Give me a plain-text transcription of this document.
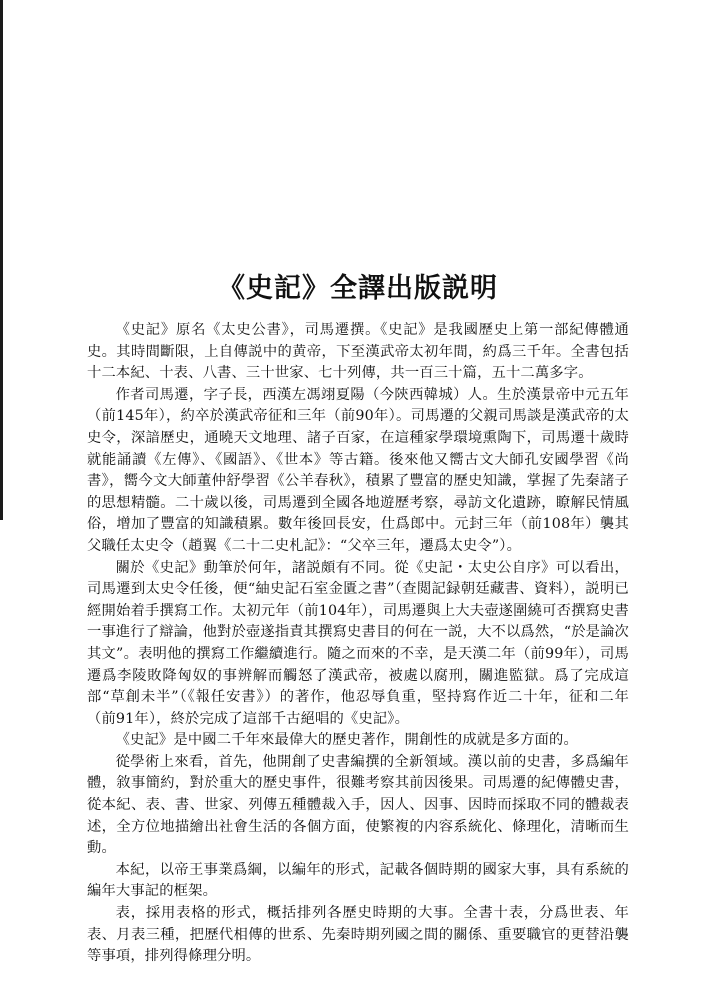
《史記》全譯出版説明

《史記》原名《太史公書》，司馬遷撰。《史記》是我國歷史上第一部紀傳體通史。其時間斷限，上自傳説中的黄帝，下至漢武帝太初年間，約爲三千年。全書包括十二本紀、十表、八書、三十世家、七十列傳，共一百三十篇，五十二萬多字。

作者司馬遷，字子長，西漢左馮翊夏陽（今陝西韓城）人。生於漢景帝中元五年（前145年），約卒於漢武帝征和三年（前90年）。司馬遷的父親司馬談是漢武帝的太史令，深諳歷史，通曉天文地理、諸子百家，在這種家學環境熏陶下，司馬遷十歲時就能誦讀《左傳》、《國語》、《世本》等古籍。後來他又嚮古文大師孔安國學習《尚書》，嚮今文大師董仲舒學習《公羊春秋》，積累了豐富的歷史知識，掌握了先秦諸子的思想精髓。二十歲以後，司馬遷到全國各地遊歷考察，尋訪文化遺跡，瞭解民情風俗，增加了豐富的知識積累。數年後回長安，仕爲郎中。元封三年（前108年）襲其父職任太史令（趙翼《二十二史札記》：“父卒三年，遷爲太史令”）。

關於《史記》動筆於何年，諸説頗有不同。從《史記・太史公自序》可以看出，司馬遷到太史令任後，便“紬史記石室金匱之書”（查閲記録朝廷藏書、資料），説明已經開始着手撰寫工作。太初元年（前104年），司馬遷與上大夫壺遂圍繞可否撰寫史書一事進行了辯論，他對於壺遂指責其撰寫史書目的何在一説，大不以爲然，“於是論次其文”。表明他的撰寫工作繼續進行。隨之而來的不幸，是天漢二年（前99年），司馬遷爲李陵敗降匈奴的事辨解而觸怒了漢武帝，被處以腐刑，關進監獄。爲了完成這部“草創未半”（《報任安書》）的著作，他忍辱負重，堅持寫作近二十年，征和二年（前91年），終於完成了這部千古絕唱的《史記》。

《史記》是中國二千年來最偉大的歷史著作，開創性的成就是多方面的。

從學術上來看，首先，他開創了史書編撰的全新領域。漢以前的史書，多爲編年體，敘事簡約，對於重大的歷史事件，很難考察其前因後果。司馬遷的紀傳體史書，從本紀、表、書、世家、列傳五種體裁入手，因人、因事、因時而採取不同的體裁表述，全方位地描繪出社會生活的各個方面，使繁複的内容系統化、條理化，清晰而生動。

本紀，以帝王事業爲綱，以編年的形式，記載各個時期的國家大事，具有系統的編年大事記的框架。

表，採用表格的形式，概括排列各歷史時期的大事。全書十表，分爲世表、年表、月表三種，把歷代相傳的世系、先秦時期列國之間的關係、重要職官的更替沿襲等事項，排列得條理分明。
